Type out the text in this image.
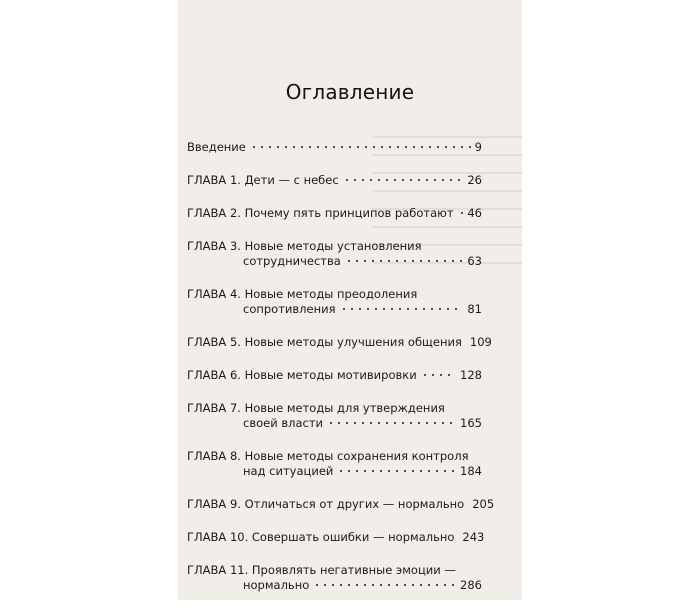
Оглавление
Введение	9
ГЛАВА 1. Дети — с небес	26
ГЛАВА 2. Почему пять принципов работают 46
ГЛАВА 3. Новые методы установления
сотрудничества	63
ГЛАВА 4. Новые методы преодоления
сопротивления	81
ГЛАВА 5. Новые методы улучшения общения 109
ГЛАВА 6. Новые методы мотивировки	128
ГЛАВА 7. Новые методы для утверждения
своей власти	165
ГЛАВА 8. Новые методы сохранения контроля
над ситуацией	184
ГЛАВА 9. Отличаться от других — нормально 205
ГЛАВА 10. Совершать ошибки — нормально 243
ГЛАВА 11. Проявлять негативные эмоции —
нормально	286
